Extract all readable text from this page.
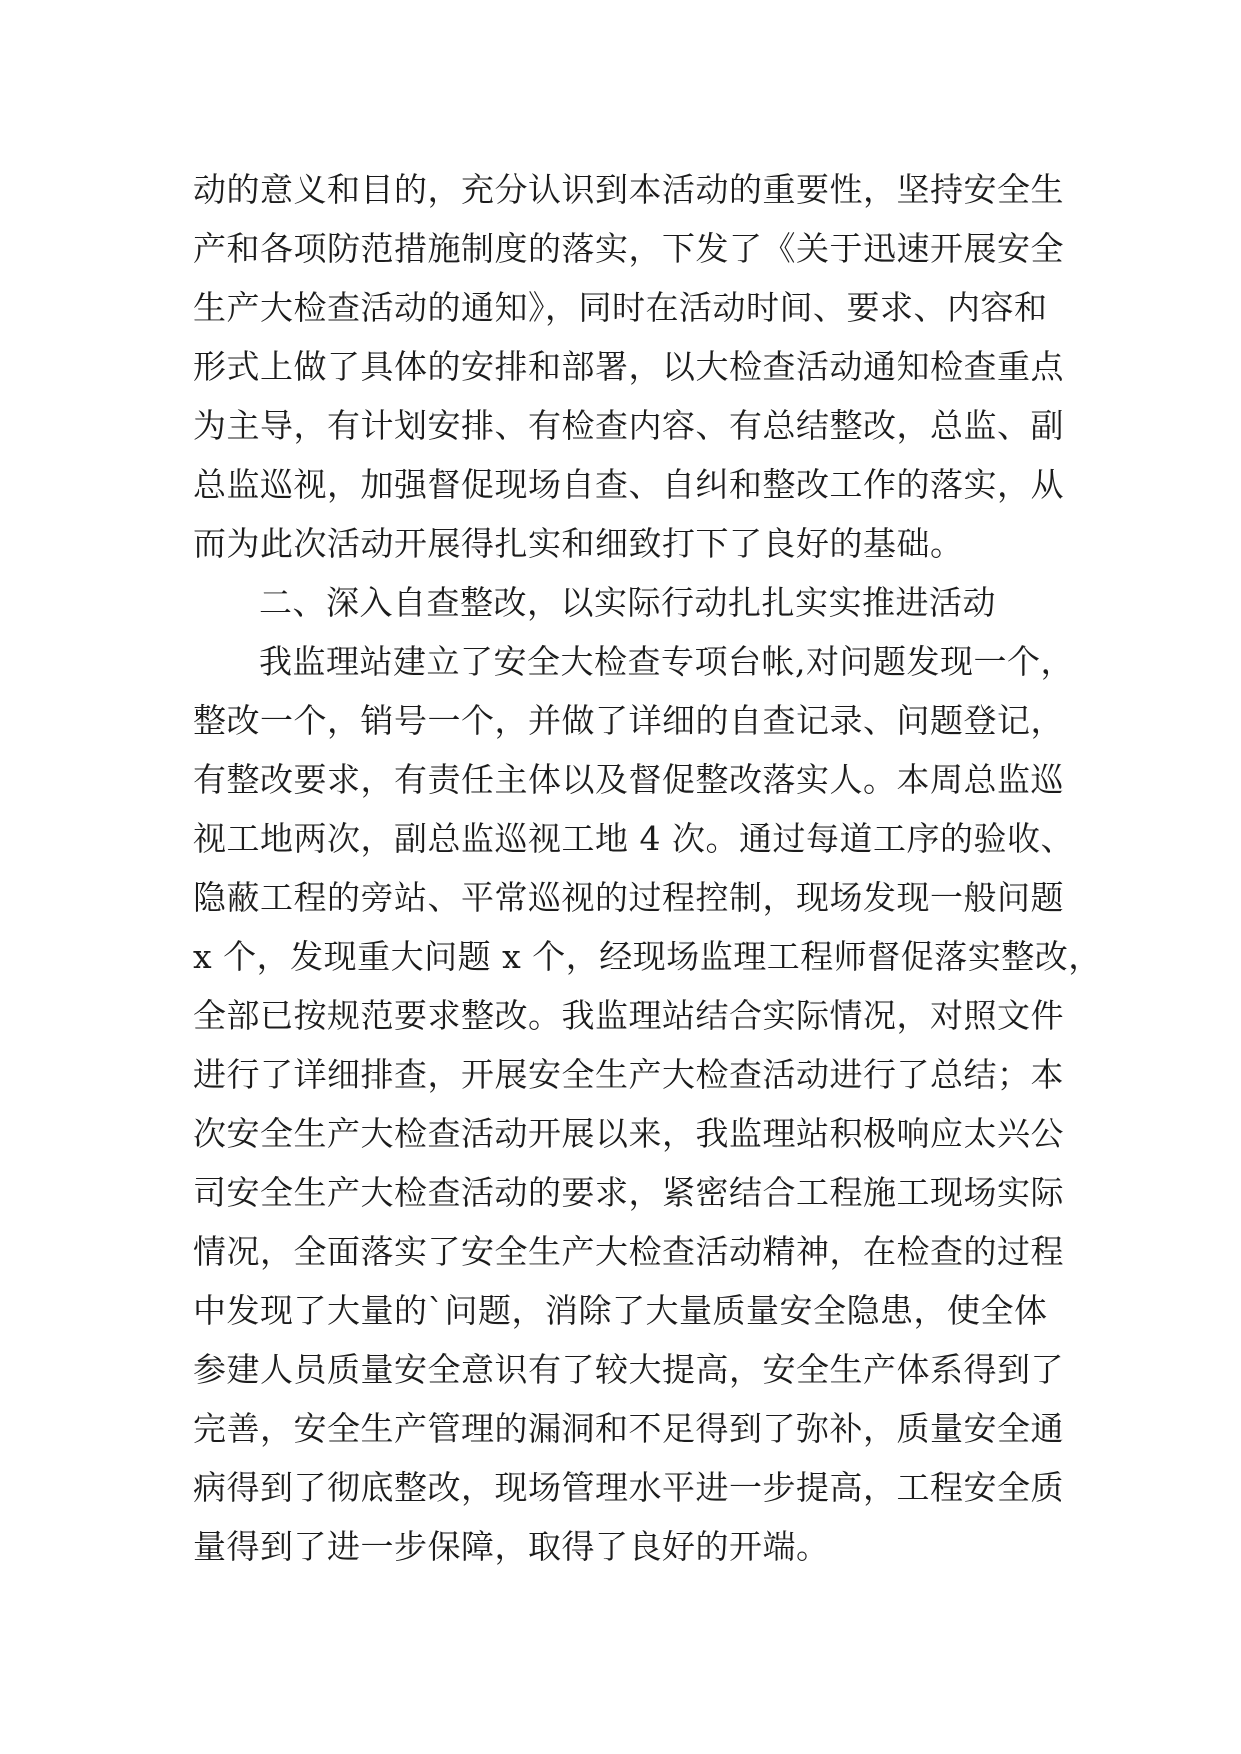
动的意义和目的，充分认识到本活动的重要性，坚持安全生
产和各项防范措施制度的落实，下发了《关于迅速开展安全
生产大检查活动的通知》，同时在活动时间、要求、内容和
形式上做了具体的安排和部署，以大检查活动通知检查重点
为主导，有计划安排、有检查内容、有总结整改，总监、副
总监巡视，加强督促现场自查、自纠和整改工作的落实，从
而为此次活动开展得扎实和细致打下了良好的基础。
二、深入自查整改，以实际行动扎扎实实推进活动
我监理站建立了安全大检查专项台帐,对问题发现一个，
整改一个，销号一个，并做了详细的自查记录、问题登记，
有整改要求，有责任主体以及督促整改落实人。本周总监巡
视工地两次，副总监巡视工地 4 次。通过每道工序的验收、
隐蔽工程的旁站、平常巡视的过程控制，现场发现一般问题
x 个，发现重大问题 x 个，经现场监理工程师督促落实整改，
全部已按规范要求整改。我监理站结合实际情况，对照文件
进行了详细排查，开展安全生产大检查活动进行了总结；本
次安全生产大检查活动开展以来，我监理站积极响应太兴公
司安全生产大检查活动的要求，紧密结合工程施工现场实际
情况，全面落实了安全生产大检查活动精神，在检查的过程
中发现了大量的`问题，消除了大量质量安全隐患，使全体
参建人员质量安全意识有了较大提高，安全生产体系得到了
完善，安全生产管理的漏洞和不足得到了弥补，质量安全通
病得到了彻底整改，现场管理水平进一步提高，工程安全质
量得到了进一步保障，取得了良好的开端。
